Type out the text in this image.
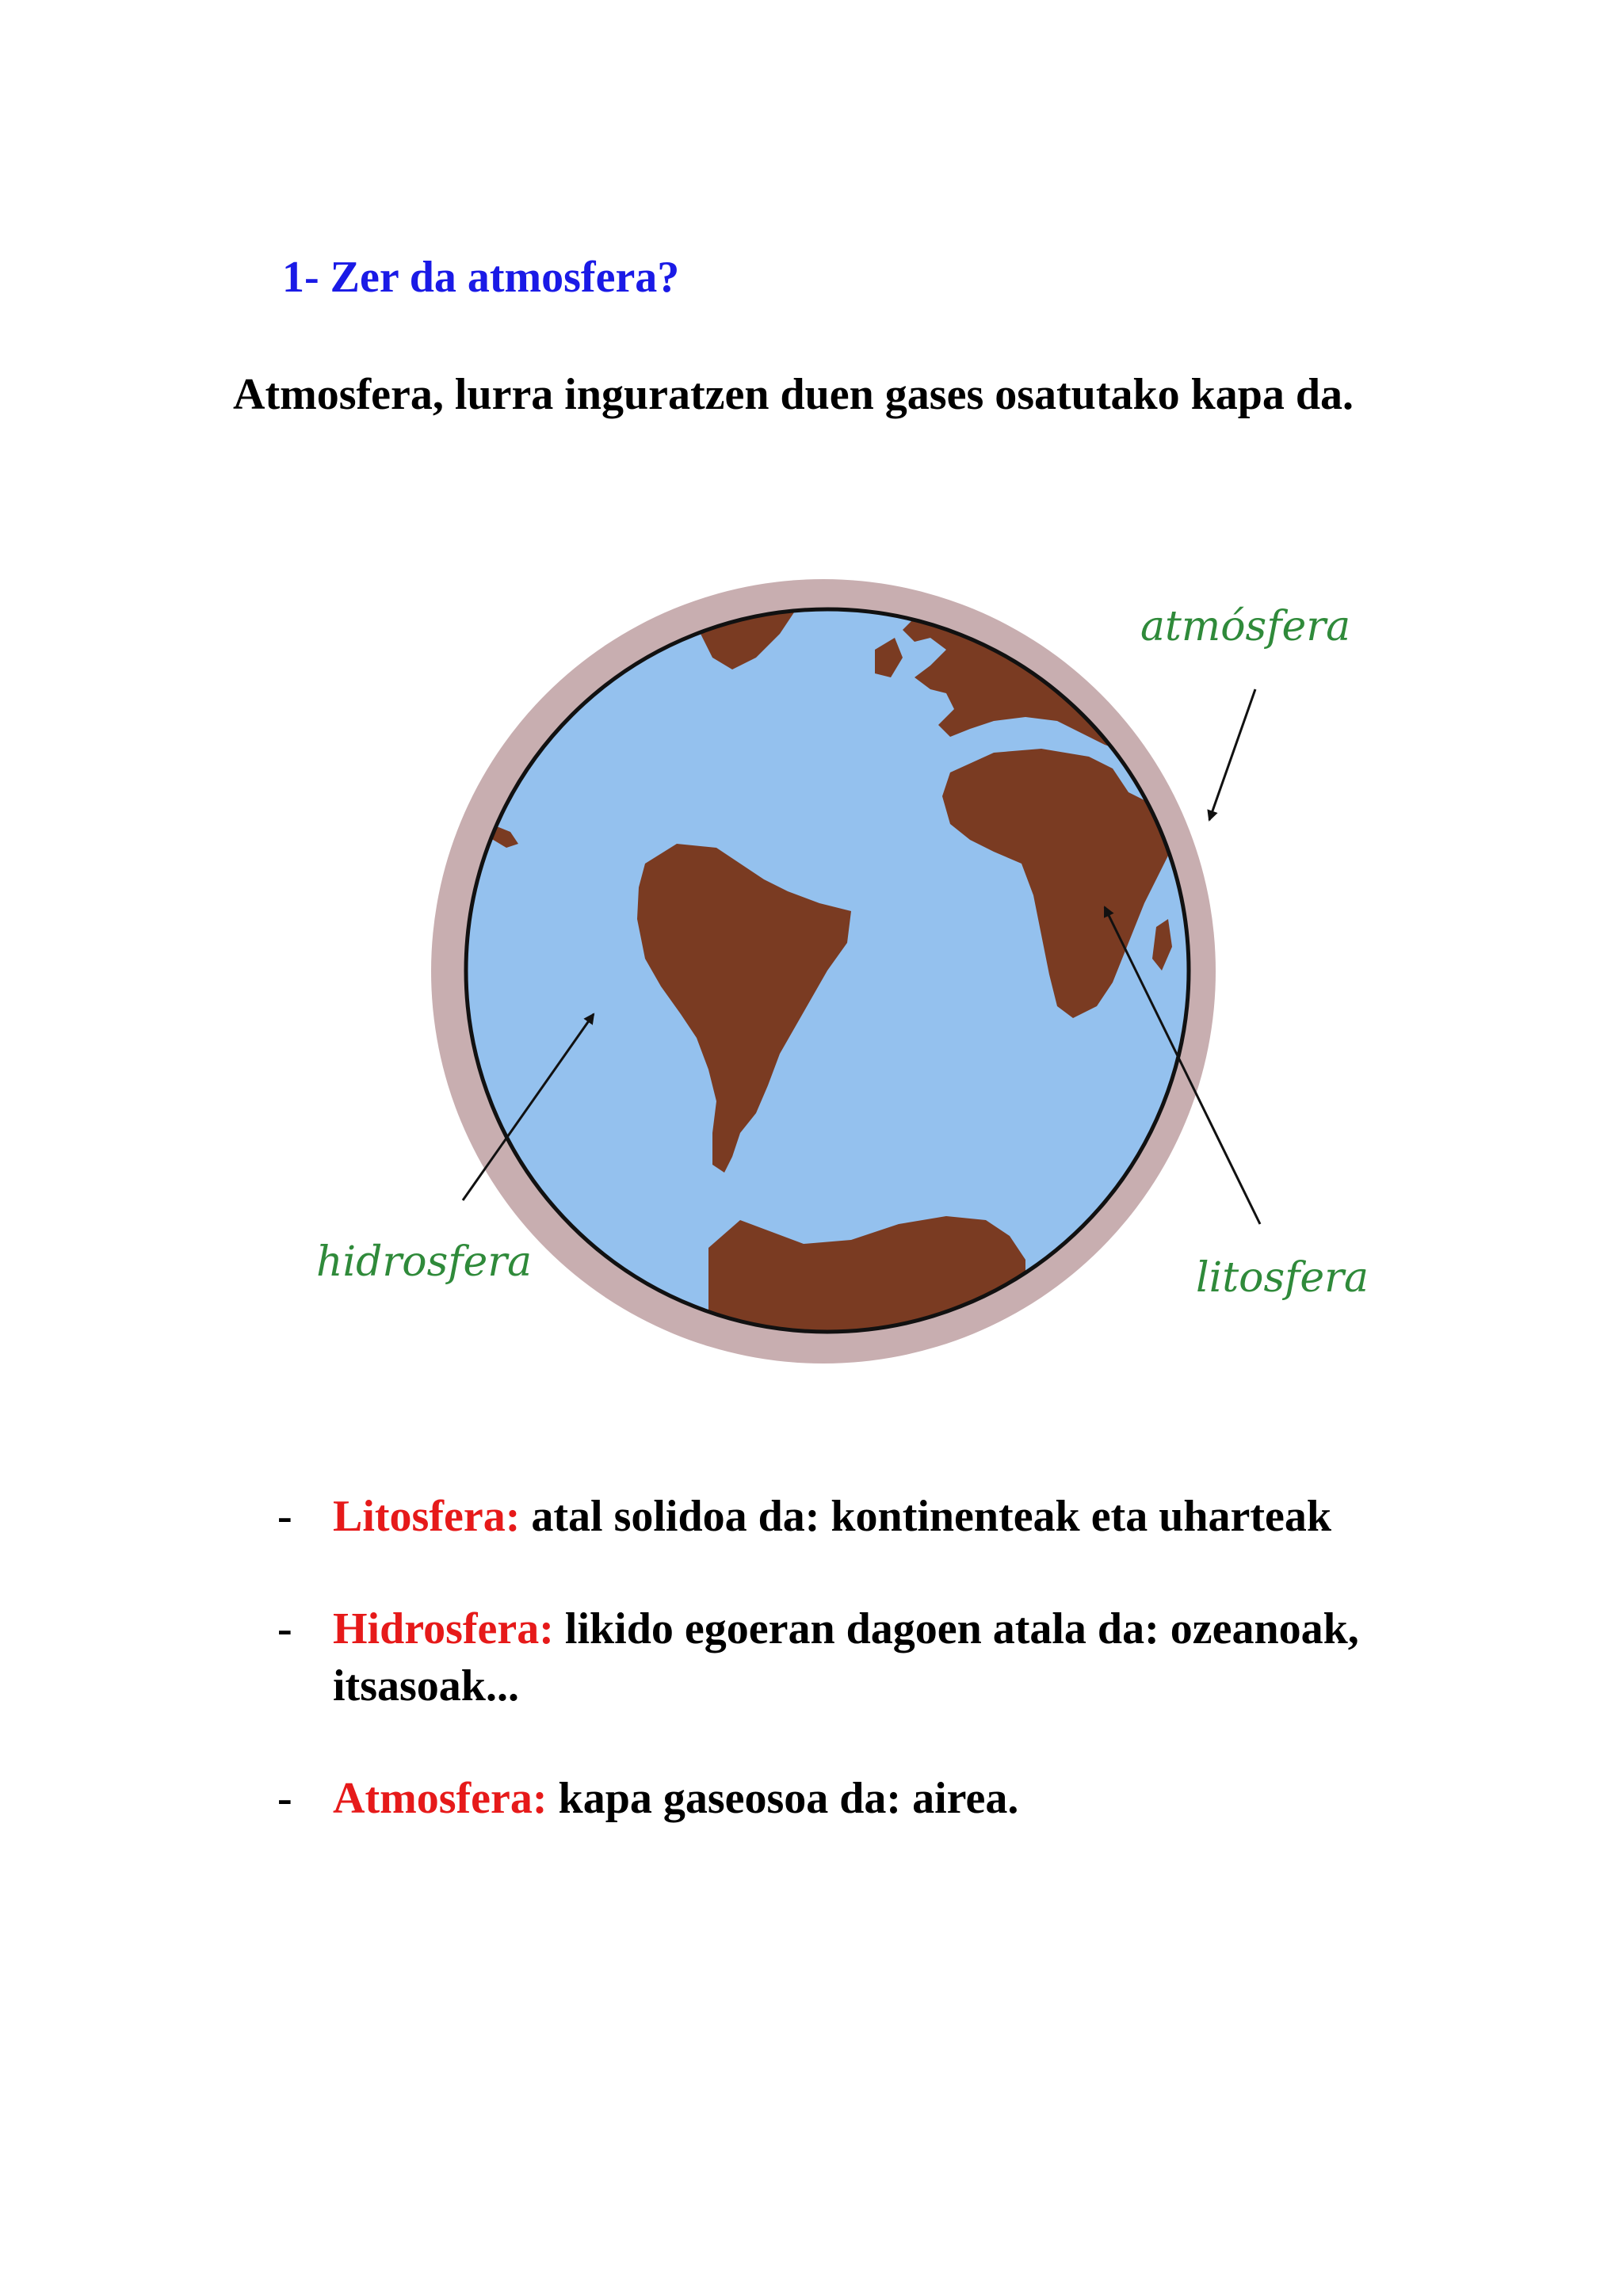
1- Zer da atmosfera?
Atmosfera, lurra inguratzen duen gases osatutako kapa da.
atmósfera
hidrosfera	litosfera
- Litosfera: atal solidoa da: kontinenteak eta uharteak
- Hidrosfera: likido egoeran dagoen atala da: ozeanoak, itsasoak...
- Atmosfera: kapa gaseosoa da: airea.
